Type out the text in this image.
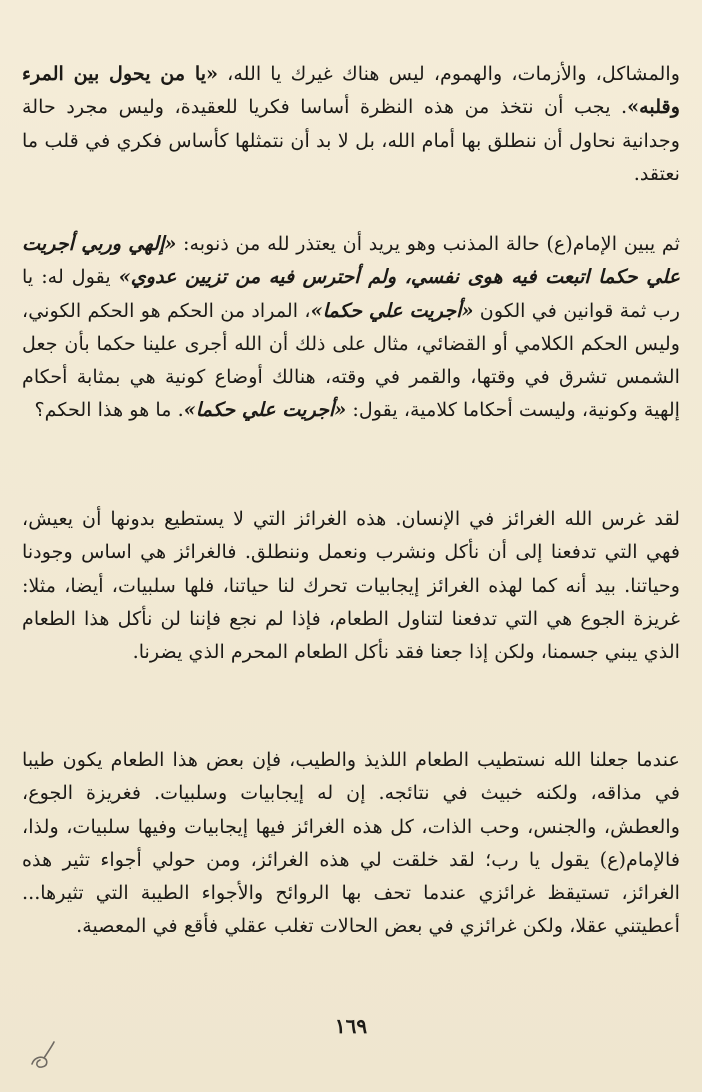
والمشاكل، والأزمات، والهموم، ليس هناك غيرك يا الله، «يا من يحول بين المرء وقلبه». يجب أن نتخذ من هذه النظرة أساسا فكريا للعقيدة، وليس مجرد حالة وجدانية نحاول أن ننطلق بها أمام الله، بل لا بد أن نتمثلها كأساس فكري في قلب ما نعتقد.

ثم يبين الإمام(ع) حالة المذنب وهو يريد أن يعتذر لله من ذنوبه: «إلهي وربي أجريت علي حكما اتبعت فيه هوى نفسي، ولم أحترس فيه من تزيين عدوي» يقول له: يا رب ثمة قوانين في الكون «أجريت علي حكما»، المراد من الحكم هو الحكم الكوني، وليس الحكم الكلامي أو القضائي، مثال على ذلك أن الله أجرى علينا حكما بأن جعل الشمس تشرق في وقتها، والقمر في وقته، هنالك أوضاع كونية هي بمثابة أحكام إلهية وكونية، وليست أحكاما كلامية، يقول: «أجريت علي حكما». ما هو هذا الحكم؟

لقد غرس الله الغرائز في الإنسان. هذه الغرائز التي لا يستطيع بدونها أن يعيش، فهي التي تدفعنا إلى أن نأكل ونشرب ونعمل وننطلق. فالغرائز هي اساس وجودنا وحياتنا. بيد أنه كما لهذه الغرائز إيجابيات تحرك لنا حياتنا، فلها سلبيات، أيضا، مثلا: غريزة الجوع هي التي تدفعنا لتناول الطعام، فإذا لم نجع فإننا لن نأكل هذا الطعام الذي يبني جسمنا، ولكن إذا جعنا فقد نأكل الطعام المحرم الذي يضرنا.

عندما جعلنا الله نستطيب الطعام اللذيذ والطيب، فإن بعض هذا الطعام يكون طيبا في مذاقه، ولكنه خبيث في نتائجه. إن له إيجابيات وسلبيات. فغريزة الجوع، والعطش، والجنس، وحب الذات، كل هذه الغرائز فيها إيجابيات وفيها سلبيات، ولذا، فالإمام(ع) يقول يا رب؛ لقد خلقت لي هذه الغرائز، ومن حولي أجواء تثير هذه الغرائز، تستيقظ غرائزي عندما تحف بها الروائح والأجواء الطيبة التي تثيرها... أعطيتني عقلا، ولكن غرائزي في بعض الحالات تغلب عقلي فأقع في المعصية.

١٦٩
